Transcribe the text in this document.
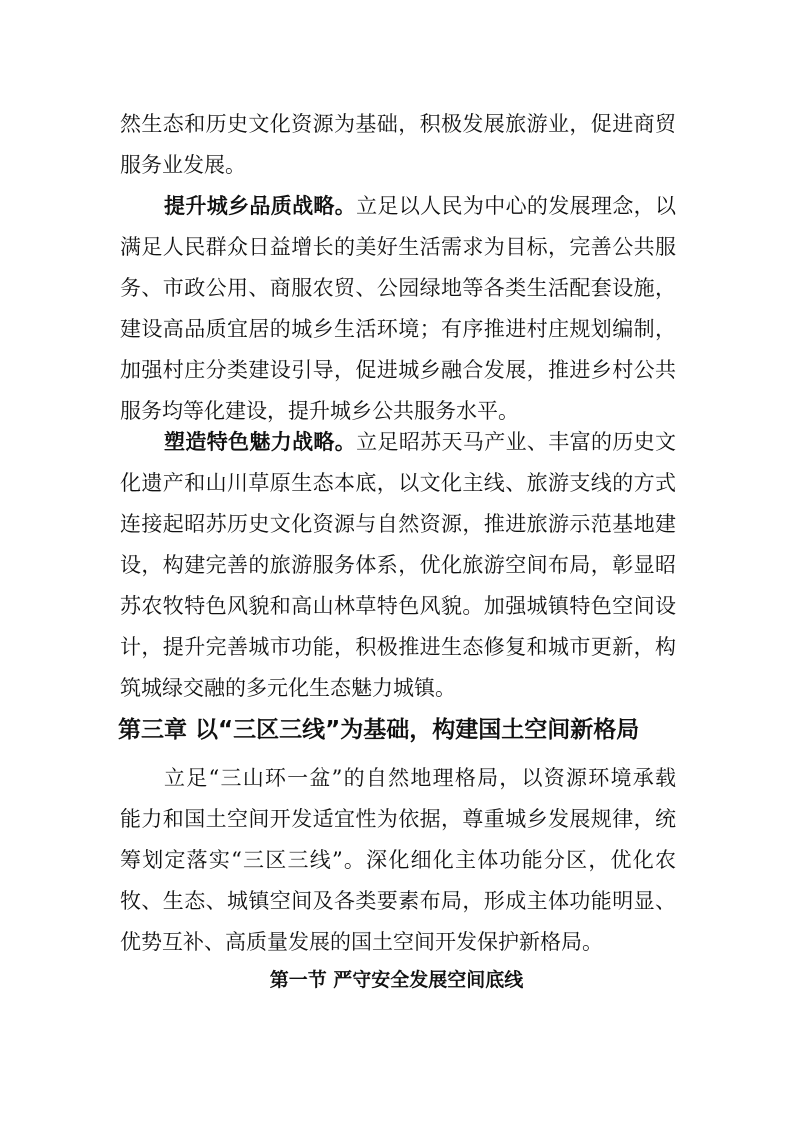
然生态和历史文化资源为基础，积极发展旅游业，促进商贸
服务业发展。
提升城乡品质战略。立足以人民为中心的发展理念，以
满足人民群众日益增长的美好生活需求为目标，完善公共服
务、市政公用、商服农贸、公园绿地等各类生活配套设施，
建设高品质宜居的城乡生活环境；有序推进村庄规划编制，
加强村庄分类建设引导，促进城乡融合发展，推进乡村公共
服务均等化建设，提升城乡公共服务水平。
塑造特色魅力战略。立足昭苏天马产业、丰富的历史文
化遗产和山川草原生态本底，以文化主线、旅游支线的方式
连接起昭苏历史文化资源与自然资源，推进旅游示范基地建
设，构建完善的旅游服务体系，优化旅游空间布局，彰显昭
苏农牧特色风貌和高山林草特色风貌。加强城镇特色空间设
计，提升完善城市功能，积极推进生态修复和城市更新，构
筑城绿交融的多元化生态魅力城镇。
第三章 以“三区三线”为基础，构建国土空间新格局
立足“三山环一盆”的自然地理格局，以资源环境承载
能力和国土空间开发适宜性为依据，尊重城乡发展规律，统
筹划定落实“三区三线”。深化细化主体功能分区，优化农
牧、生态、城镇空间及各类要素布局，形成主体功能明显、
优势互补、高质量发展的国土空间开发保护新格局。
第一节 严守安全发展空间底线
